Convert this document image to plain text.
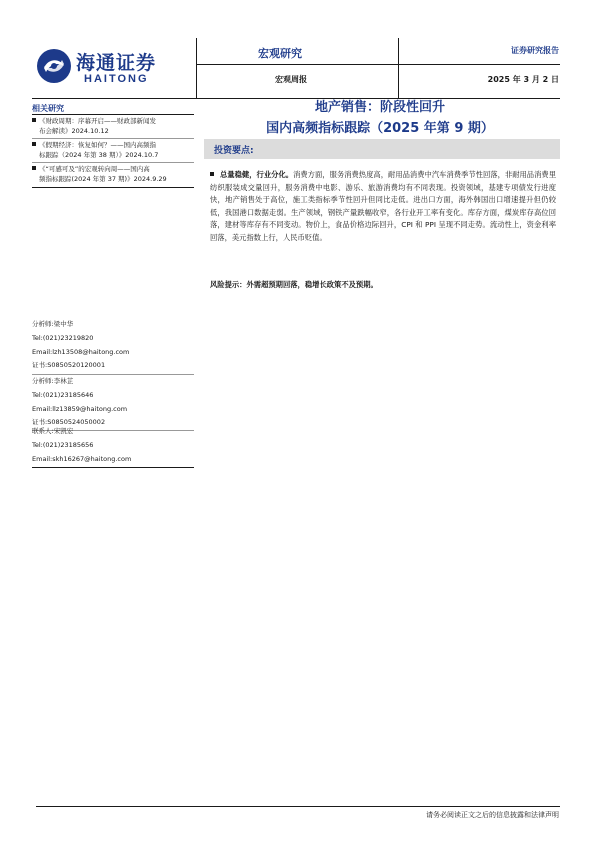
海通证券
HAITONG
宏观研究
宏观周报
证券研究报告
2025 年 3 月 2 日
相关研究
《财政周期：序幕开启——财政部新闻发
布会解读》2024.10.12
《假期经济：恢复如何？——国内高频指
标跟踪（2024 年第 38 期）》2024.10.7
《“可感可及”的宏观转向周——国内高
频指标跟踪(2024 年第 37 期)》2024.9.29
分析师:梁中华
Tel:(021)23219820
Email:lzh13508@haitong.com
证书:S0850520120001
分析师:李林芷
Tel:(021)23185646
Email:llz13859@haitong.com
证书:S0850524050002
联系人:宋凯宏
Tel:(021)23185656
Email:skh16267@haitong.com
地产销售：阶段性回升
国内高频指标跟踪（2025 年第 9 期）
投资要点:
总量稳健，行业分化。消费方面，服务消费热度高，耐用品消费中汽车消费季节性回落，非耐用品消费里纺织服装成交量回升，服务消费中电影、游乐、旅游消费均有不同表现。投资领域，基建专项债发行进度快，地产销售处于高位，施工类指标季节性回升但同比走低。进出口方面，海外韩国出口增速提升但仍较低，我国港口数据走弱。生产领域，钢铁产量跌幅收窄，各行业开工率有变化。库存方面，煤炭库存高位回落，建材等库存有不同变动。物价上，食品价格边际回升，CPI 和 PPI 呈现不同走势。流动性上，资金利率回落，美元指数上行，人民币贬值。
风险提示：外需超预期回落，稳增长政策不及预期。
请务必阅读正文之后的信息披露和法律声明
